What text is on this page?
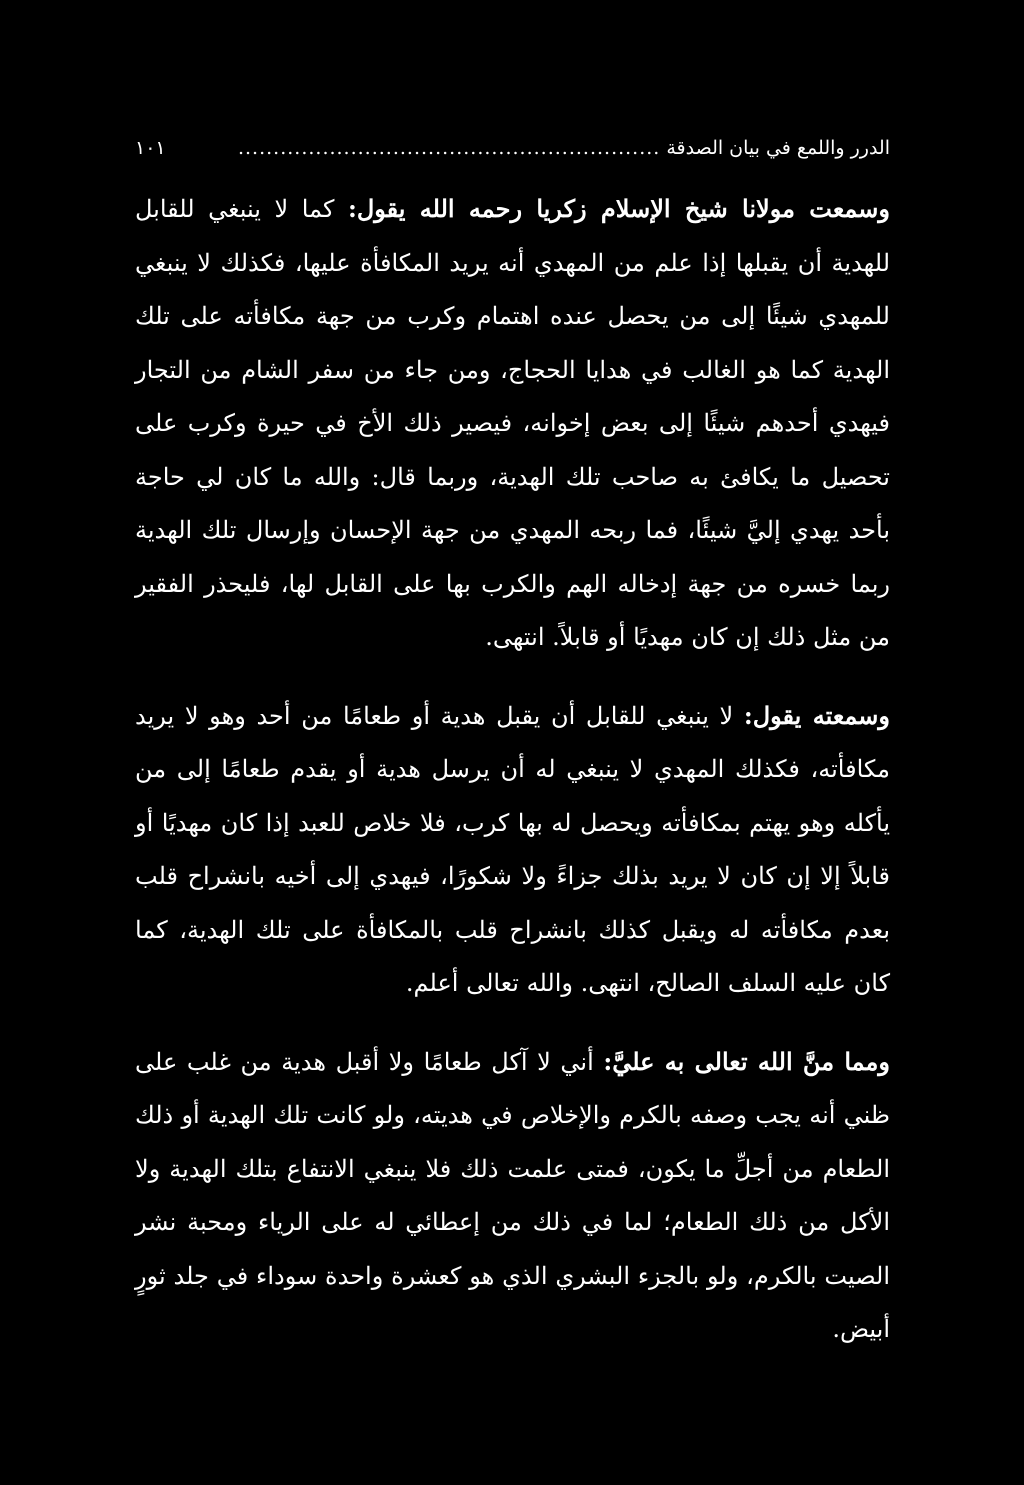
الدرر واللمع في بيان الصدقة
............................................................
١٠١

وسمعت مولانا شيخ الإسلام زكريا رحمه الله يقول: كما لا ينبغي للقابل للهدية أن يقبلها إذا علم من المهدي أنه يريد المكافأة عليها، فكذلك لا ينبغي للمهدي شيئًا إلى من يحصل عنده اهتمام وكرب من جهة مكافأته على تلك الهدية كما هو الغالب في هدايا الحجاج، ومن جاء من سفر الشام من التجار فيهدي أحدهم شيئًا إلى بعض إخوانه، فيصير ذلك الأخ في حيرة وكرب على تحصيل ما يكافئ به صاحب تلك الهدية، وربما قال: والله ما كان لي حاجة بأحد يهدي إليَّ شيئًا، فما ربحه المهدي من جهة الإحسان وإرسال تلك الهدية ربما خسره من جهة إدخاله الهم والكرب بها على القابل لها، فليحذر الفقير من مثل ذلك إن كان مهديًا أو قابلاً. انتهى.

وسمعته يقول: لا ينبغي للقابل أن يقبل هدية أو طعامًا من أحد وهو لا يريد مكافأته، فكذلك المهدي لا ينبغي له أن يرسل هدية أو يقدم طعامًا إلى من يأكله وهو يهتم بمكافأته ويحصل له بها كرب، فلا خلاص للعبد إذا كان مهديًا أو قابلاً إلا إن كان لا يريد بذلك جزاءً ولا شكورًا، فيهدي إلى أخيه بانشراح قلب بعدم مكافأته له ويقبل كذلك بانشراح قلب بالمكافأة على تلك الهدية، كما كان عليه السلف الصالح، انتهى. والله تعالى أعلم.

ومما منَّ الله تعالى به عليَّ: أني لا آكل طعامًا ولا أقبل هدية من غلب على ظني أنه يجب وصفه بالكرم والإخلاص في هديته، ولو كانت تلك الهدية أو ذلك الطعام من أجلِّ ما يكون، فمتى علمت ذلك فلا ينبغي الانتفاع بتلك الهدية ولا الأكل من ذلك الطعام؛ لما في ذلك من إعطائي له على الرياء ومحبة نشر الصيت بالكرم، ولو بالجزء البشري الذي هو كعشرة واحدة سوداء في جلد ثورٍ أبيض.
